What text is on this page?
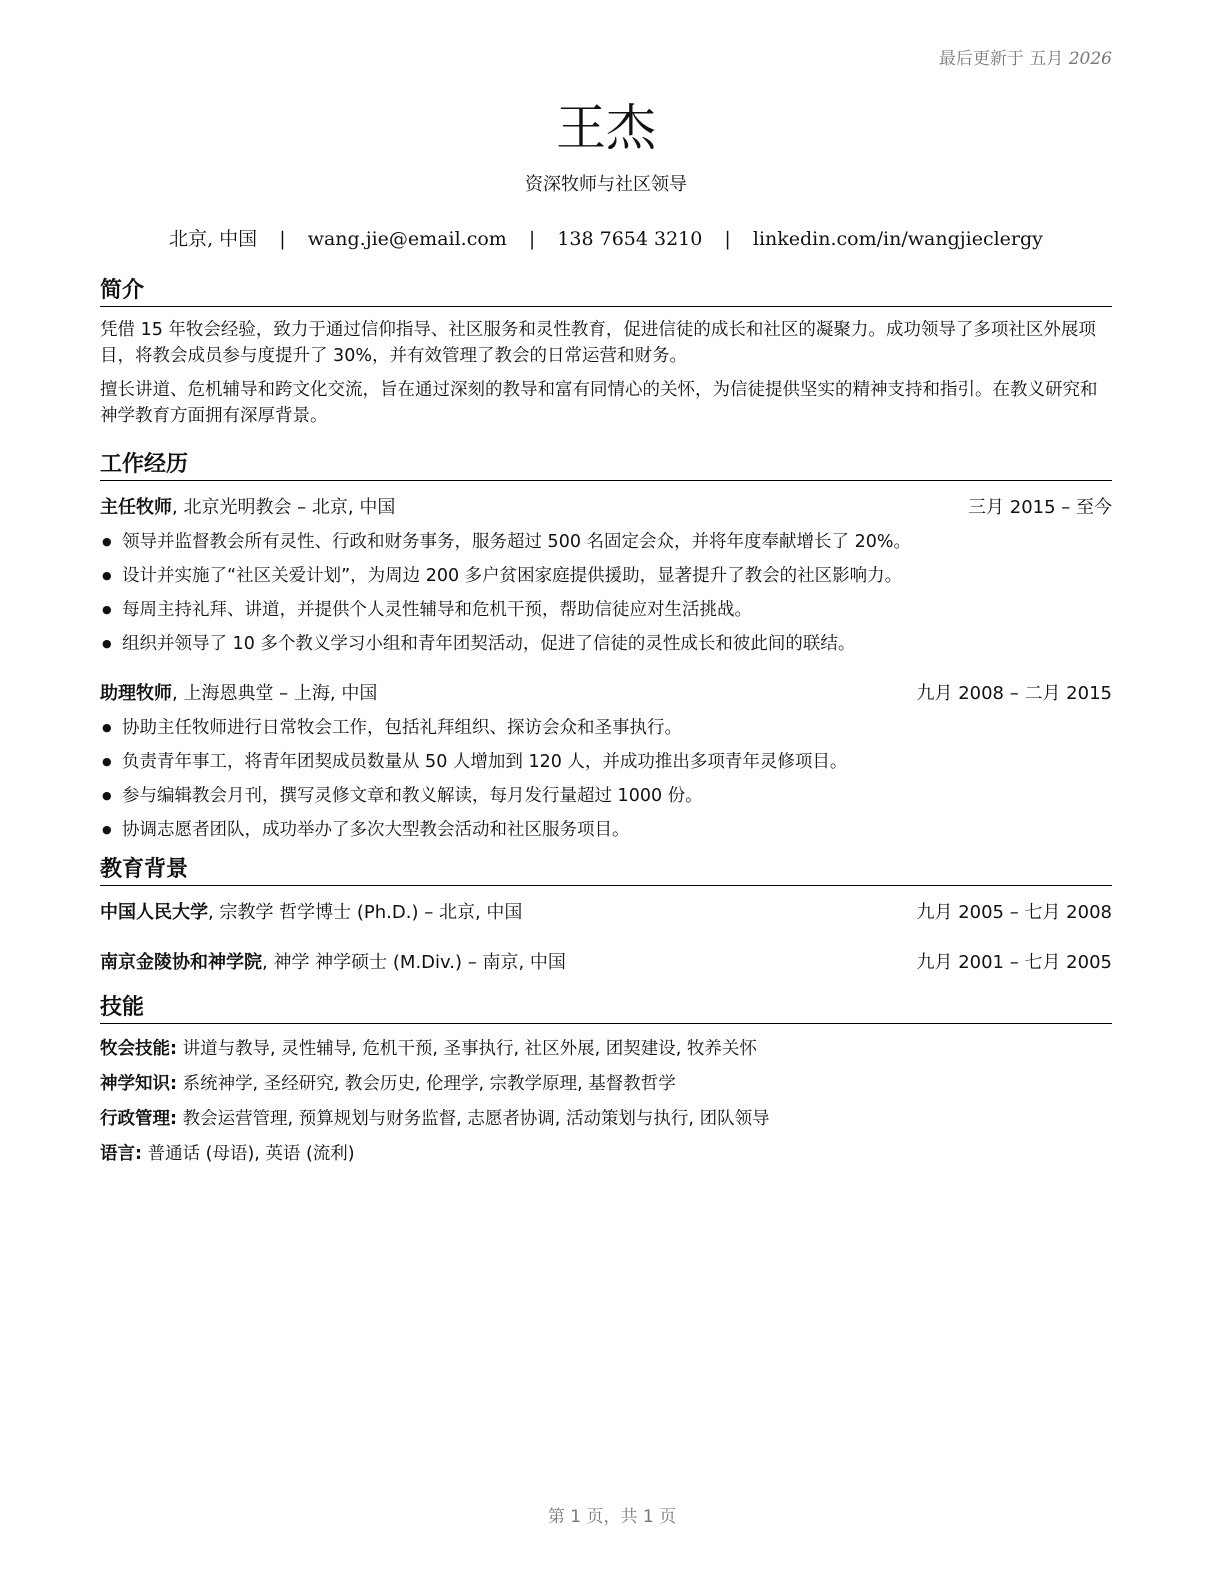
最后更新于 五月 2026
王杰
资深牧师与社区领导
北京, 中国 | wang.jie@email.com | 138 7654 3210 | linkedin.com/in/wangjieclergy
简介
凭借 15 年牧会经验，致力于通过信仰指导、社区服务和灵性教育，促进信徒的成长和社区的凝聚力。成功领导了多项社区外展项目，将教会成员参与度提升了 30%，并有效管理了教会的日常运营和财务。
擅长讲道、危机辅导和跨文化交流，旨在通过深刻的教导和富有同情心的关怀，为信徒提供坚实的精神支持和指引。在教义研究和神学教育方面拥有深厚背景。
工作经历
主任牧师, 北京光明教会 – 北京, 中国	三月 2015 – 至今
● 领导并监督教会所有灵性、行政和财务事务，服务超过 500 名固定会众，并将年度奉献增长了 20%。
● 设计并实施了“社区关爱计划”，为周边 200 多户贫困家庭提供援助，显著提升了教会的社区影响力。
● 每周主持礼拜、讲道，并提供个人灵性辅导和危机干预，帮助信徒应对生活挑战。
● 组织并领导了 10 多个教义学习小组和青年团契活动，促进了信徒的灵性成长和彼此间的联结。
助理牧师, 上海恩典堂 – 上海, 中国	九月 2008 – 二月 2015
● 协助主任牧师进行日常牧会工作，包括礼拜组织、探访会众和圣事执行。
● 负责青年事工，将青年团契成员数量从 50 人增加到 120 人，并成功推出多项青年灵修项目。
● 参与编辑教会月刊，撰写灵修文章和教义解读，每月发行量超过 1000 份。
● 协调志愿者团队，成功举办了多次大型教会活动和社区服务项目。
教育背景
中国人民大学, 宗教学 哲学博士 (Ph.D.) – 北京, 中国	九月 2005 – 七月 2008
南京金陵协和神学院, 神学 神学硕士 (M.Div.) – 南京, 中国	九月 2001 – 七月 2005
技能
牧会技能: 讲道与教导, 灵性辅导, 危机干预, 圣事执行, 社区外展, 团契建设, 牧养关怀
神学知识: 系统神学, 圣经研究, 教会历史, 伦理学, 宗教学原理, 基督教哲学
行政管理: 教会运营管理, 预算规划与财务监督, 志愿者协调, 活动策划与执行, 团队领导
语言: 普通话 (母语), 英语 (流利)
第 1 页，共 1 页
